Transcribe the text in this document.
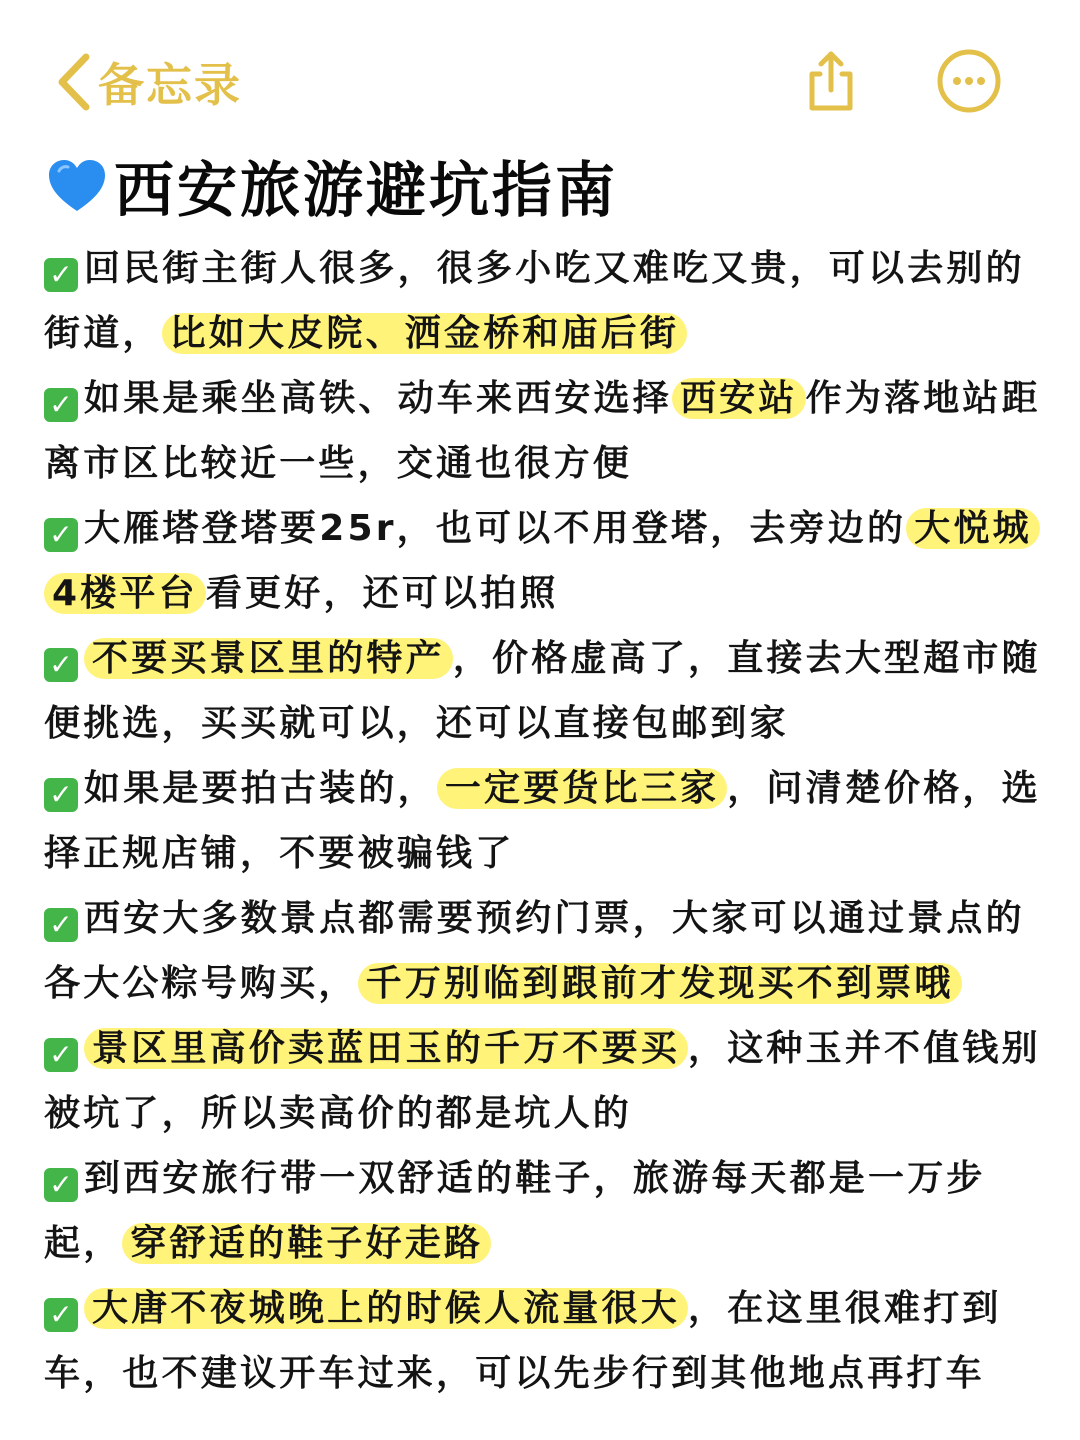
备忘录
西安旅游避坑指南

✓ 回民街主街人很多，很多小吃又难吃又贵，可以去别的街道， 比如大皮院、洒金桥和庙后街

✓ 如果是乘坐高铁、动车来西安选择 西安站 作为落地站距离市区比较近一些，交通也很方便

✓ 大雁塔登塔要25r，也可以不用登塔，去旁边的 大悦城4楼平台 看更好，还可以拍照

✓ 不要买景区里的特产 ，价格虚高了，直接去大型超市随便挑选，买买就可以，还可以直接包邮到家

✓ 如果是要拍古装的， 一定要货比三家 ，问清楚价格，选择正规店铺，不要被骗钱了

✓ 西安大多数景点都需要预约门票，大家可以通过景点的各大公粽号购买， 千万别临到跟前才发现买不到票哦

✓ 景区里高价卖蓝田玉的千万不要买 ，这种玉并不值钱别被坑了，所以卖高价的都是坑人的

✓ 到西安旅行带一双舒适的鞋子，旅游每天都是一万步起， 穿舒适的鞋子好走路

✓ 大唐不夜城晚上的时候人流量很大 ，在这里很难打到车，也不建议开车过来，可以先步行到其他地点再打车
